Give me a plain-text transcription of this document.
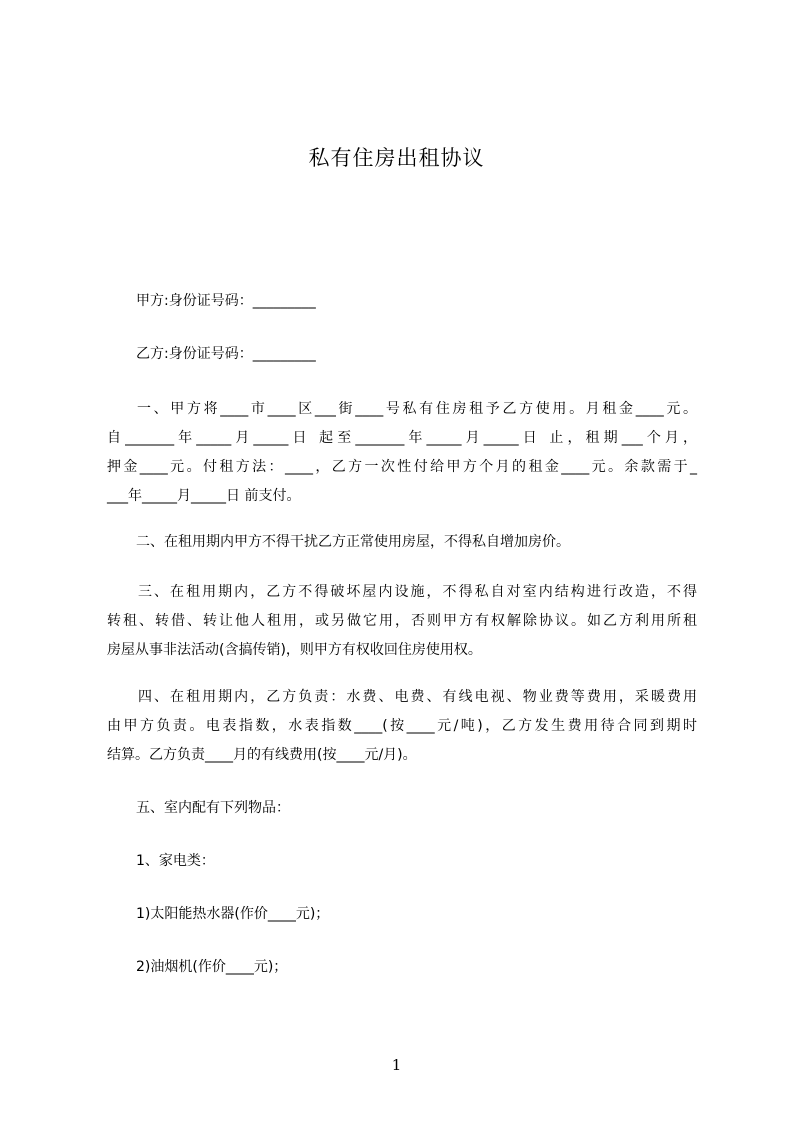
私有住房出租协议
甲方:身份证号码：_________
乙方:身份证号码：_________
一、甲方将____市____区___街____号私有住房租予乙方使用。月租金____元。
自_______年_____月_____日 起至_______年_____月_____日 止，租期___个月，
押金____元。付租方法：____，乙方一次性付给甲方个月的租金____元。余款需于_
___年_____月_____日 前支付。
二、在租用期内甲方不得干扰乙方正常使用房屋，不得私自增加房价。
三、在租用期内，乙方不得破坏屋内设施，不得私自对室内结构进行改造，不得
转租、转借、转让他人租用，或另做它用，否则甲方有权解除协议。如乙方利用所租
房屋从事非法活动(含搞传销)，则甲方有权收回住房使用权。
四、在租用期内，乙方负责：水费、电费、有线电视、物业费等费用，采暖费用
由甲方负责。电表指数，水表指数____(按____元/吨)，乙方发生费用待合同到期时
结算。乙方负责____月的有线费用(按____元/月)。
五、室内配有下列物品：
1、家电类：
1)太阳能热水器(作价____元)；
2)油烟机(作价____元)；
1
